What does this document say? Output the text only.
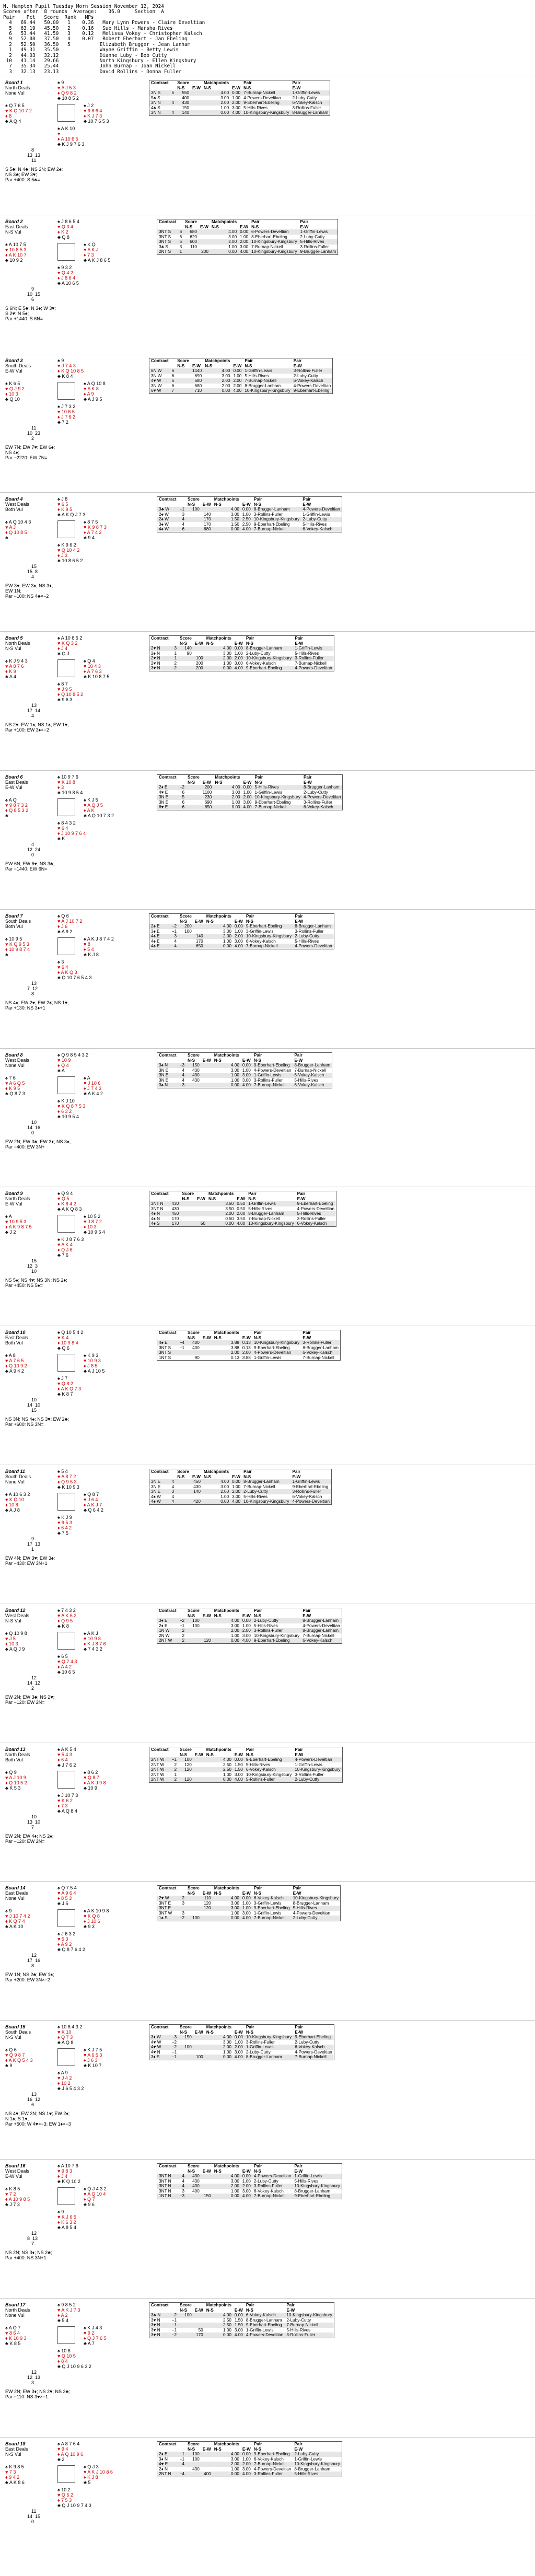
N. Hampton Pupil Tuesday Morn Session November 12, 2024
Scores after  8 rounds  Average:    36.0     Section  A
Pair    Pct   Score  Rank   MPs
4   69.44   50.00   1    0.36   Mary Lynn Powers - Claire Develtian
5   63.19   45.50   2    0.16   Sue Hills - Marsha Rives
6   53.44   41.50   3    0.12   Melissa Vokey - Christopher Kalsch
9   52.08   37.50   4    0.07   Robert Eberhart - Jan Ebeling
2   52.50   36.50   5          Elizabeth Brugger - Jean Lanham
1   49.31   35.50              Wayne Griffin - Betty Lewis
2   44.03   32.12              Dianne Luby - Bob Cutty
10   41.14   29.66              North Kingsbury - Ellen Kingsbury
7   35.34   25.44              John Burnap - Joan Nickell
3   32.13   23.13              David Rollins - Donna Fuller
Board 1
North Deals
None Vul
♠ 9
♥ A J 5 3
♦ Q 9 8 2
♣ 10 8 5 2
♠ Q 7 6 5
♥ K Q 10 7 2
♦ 8
♣ A Q 4
♠ J 2
♥ 9 8 6 4
♦ K J 7 3
♣ 10 7 6 5 3
♠ A K 10
♥
♦ A 10 6 5
♣ K J 9 7 6 3
8
13  13
11
S 5♣; N 4♣; NS 2N; EW 2♠;
NS 3♣; EW 3♥;
Par +400: S 5♣=
Contract		Score		Matchpoints		Pair	Pair
		N-S	E-W	N-S	E-W	N-S	E-W
3N S	5	550		4.00	0.00	7-Burnap-Nickell	1-Griffin-Lewis
5♣ S		400		3.00	1.00	4-Powers-Develtian	2-Luby-Cutty
3N N	4	430		2.00	2.00	9-Eberhart-Ebeling	6-Vokey-Kalsch
4♣ S		150		1.00	3.00	5-Hills-Rives	3-Rollins-Fuller
3N N	4	140		0.00	4.00	10-Kingsbury-Kingsbury	8-Brugger-Lanham
Board 2
East Deals
N-S Vul
♠ J 8 6 5 4
♥ Q 3 4
♦ K 2
♣ Q 8
♠ A 10 7 5
♥ 10 8 5 3
♦ A K 10 7
♣ 10 9 2
♠ K Q
♥ A K J
♦ 7 3
♣ A K J 8 6 5
♠ 9 3 2
♥ Q 4 2
♦ J 8 6 4
♣ A 10 6 5
9
10  15
6
S 6N; E 5♣; N 3♠; W 3♥;
S 2♥; N 5♠;
Par +1440: S 6N=
Contract		Score		Matchpoints		Pair	Pair
		N-S	E-W	N-S	E-W	N-S	E-W
3NT S	6	680		4.00	0.00	6-Powers-Develtian	1-Griffin-Lewis
3NT S	6	620		3.00	1.00	8-Eberhart-Ebeling	2-Luby-Cutty
3NT S	5	600		2.00	2.00	10-Kingsbury-Kingsbury	5-Hills-Rives
3♣ S	3	110		1.00	3.00	7-Burnap-Nickell	3-Rollins-Fuller
2NT S	1		200	0.00	4.00	10-Kingsbury-Kingsbury	9-Brugger-Lanham
Board 3
South Deals
E-W Vul
♠ 9
♥ J 7 4 3
♦ K Q 10 8 5
♣ K 8 4
♠ K 6 5
♥ Q J 9 2
♦ 10 3
♣ Q 10
♠ A Q 10 8
♥ A K 8
♦ A 9
♣ A J 9 5
♠ J 7 3 2
♥ 10 6 5
♦ J 7 6 2
♣ 7 2
11
10  23
2
EW 7N; EW 7♥; EW 6♠;
NS 4♦;
Par −2220: EW 7N=
Contract		Score		Matchpoints		Pair	Pair
		N-S	E-W	N-S	E-W	N-S	E-W
6N W	6		1440	4.00	0.00	1-Griffin-Lewis	3-Rollins-Fuller
3N W	6		690	3.00	1.00	5-Hills-Rives	2-Luby-Cutty
4♥ W	6		680	2.00	2.00	7-Burnap-Nickell	6-Vokey-Kalsch
3N W	6		680	2.00	2.00	8-Brugger-Lanham	4-Powers-Develtian
6♥ W	7		710	0.00	4.00	10-Kingsbury-Kingsbury	9-Eberhart-Ebeling
Board 4
West Deals
Both Vul
♠ J 8
♥ 6 5
♦ K 9 5
♣ A K Q J 7 3
♠ A Q 10 4 3
♥ A J
♦ Q 10 8 5
♣
♠ 8 7 5
♥ K 9 8 7 3
♦ A 7 4 2
♣ 9 4
♠ K 9 6 2
♥ Q 10 4 2
♦ J 3
♣ 10 8 6 5 2
15
15  8
4
EW 3♥; EW 3♠; NS 3♦;
EW 1N;
Par −100: NS 4♣×−2
Contract		Score		Matchpoints		Pair	Pair
		N-S	E-W	N-S	E-W	N-S	E-W
3♣ W	−1	100		4.00	0.00	8-Brugger-Lanham	4-Powers-Develtian
2♠ W	3		140	3.00	1.00	3-Rollins-Fuller	1-Griffin-Lewis
2♠ W	4		170	1.50	2.50	10-Kingsbury-Kingsbury	2-Luby-Cutty
3♠ W	4		170	1.50	2.50	9-Eberhart-Ebeling	5-Hills-Rives
4♠ W	6		680	0.00	4.00	7-Burnap-Nickell	6-Vokey-Kalsch
Board 5
North Deals
N-S Vul
♠ A 10 6 5 2
♥ K Q 3 2
♦ J 4
♣ Q J
♠ K J 9 4 3
♥ A 8 7 6
♦ K 9
♣ A 4
♠ Q 4
♥ 10 4 3
♦ A 7 6 3
♣ K 10 8 7 5
♠ 8 7
♥ J 9 5
♦ Q 10 8 5 2
♣ 9 6 3
13
17  14
4
NS 2♥; EW 1♠; NS 1♠; EW 1♥;
Par +100: EW 3♦×−2
Contract		Score		Matchpoints		Pair	Pair
		N-S	E-W	N-S	E-W	N-S	E-W
2♥ N	3	140		4.00	0.00	8-Brugger-Lanham	1-Griffin-Lewis
2♠ N	1	90		3.00	1.00	2-Luby-Cutty	5-Hills-Rives
2♥ N	1		100	2.00	2.00	10-Kingsbury-Kingsbury	3-Rollins-Fuller
2♥ N	2		200	1.00	3.00	6-Vokey-Kalsch	7-Burnap-Nickell
3♥ N	−2		200	0.00	4.00	9-Eberhart-Ebeling	4-Powers-Develtian
Board 6
East Deals
E-W Vul
♠ 10 9 7 6
♥ K 10 8
♦ 3
♣ 10 9 8 5 4
♠ A Q
♥ 9 8 7 3 2
♦ Q 8 5 3 2
♣
♠ K J 5
♥ A Q J 5
♦ A K
♣ A Q 10 7 3 2
♠ 8 4 3 2
♥ 6 4
♦ J 10 9 7 6 4
♣ K
4
12  24
0
EW 6N; EW 6♥; NS 3♣;
Par −1440: EW 6N=
Contract		Score		Matchpoints		Pair	Pair
		N-S	E-W	N-S	E-W	N-S	E-W
2♦ E	−2		200	4.00	0.00	5-Hills-Rives	8-Brugger-Lanham
4♥ E	6		1100	3.00	1.00	1-Griffin-Lewis	2-Luby-Cutty
3N E	5		230	2.00	2.00	10-Kingsbury-Kingsbury	4-Powers-Develtian
3N E	6		690	1.00	3.00	9-Eberhart-Ebeling	3-Rollins-Fuller
6♥ E	6		650	0.00	4.00	7-Burnap-Nickell	6-Vokey-Kalsch
Board 7
South Deals
Both Vul
♠ Q 6
♥ A J 10 7 2
♦ J 6
♣ A 9 2
♠ 10 9 5
♥ K Q 9 5 3
♦ 10 9 8 7 4
♣
♠ A K J 8 7 4 2
♥ 8
♦ 5 4
♣ K J 8
♠ 3
♥ 6 4
♦ A K Q 3
♣ Q 10 7 6 5 4 3
13
7  12
8
NS 4♠; EW 2♥; EW 2♠; NS 1♥;
Par +130: NS 3♦+1
Contract		Score		Matchpoints		Pair	Pair
		N-S	E-W	N-S	E-W	N-S	E-W
2♠ E	−2	200		4.00	0.00	9-Eberhart-Ebeling	8-Brugger-Lanham
3♠ E	−1	100		3.00	1.00	3-Griffin-Lewis	3-Rollins-Fuller
4♠ E	3		140	2.00	2.00	10-Kingsbury-Kingsbury	2-Luby-Cutty
4♠ E	4		170	1.00	3.00	6-Vokey-Kalsch	5-Hills-Rives
4♠ E	4		650	0.00	4.00	7-Burnap-Nickell	4-Powers-Develtian
Board 8
West Deals
None Vul
♠ Q 9 8 5 4 3 2
♥ 10 9
♦ Q 4
♣ A
♠ 7 6
♥ A 6 Q 5
♦ K 9 5
♣ Q 8 7 3
♠ A
♥ J 10 6
♦ J 7 4 3
♣ A K 4 2
♠ K J 10
♥ K Q 8 7 5 3
♦ 6 3 2
♣ 10 9 5 4
10
14  16
0
EW 2N; EW 3♣; EW 3♦; NS 3♠;
Par −400: EW 3N+
Contract		Score		Matchpoints		Pair	Pair
		N-S	E-W	N-S	E-W	N-S	E-W
3♠ N	−3	150		4.00	0.00	9-Eberhart-Ebeling	8-Brugger-Lanham
3N E	4	430		3.00	1.00	4-Powers-Develtian	7-Burnap-Nickell
3N E	4	430		1.00	3.00	1-Griffin-Lewis	6-Vokey-Kalsch
3N E	4	430		1.00	3.00	3-Rollins-Fuller	5-Hills-Rives
3♠ N	−3			0.00	4.00	7-Burnap-Nickell	6-Vokey-Kalsch
Board 9
North Deals
E-W Vul
♠ Q 9 4
♥ Q 5
♦ K 8 4 2
♣ A K Q 8 3
♠ A
♥ 10 9 5 3
♦ A K 9 8 7 5
♣ J 2
♠ 10 5 2
♥ J 8 7 2
♦ 10 3
♣ 10 9 5 4
♠ K J 8 7 6 3
♥ A K 4
♦ Q J 6
♣ 7 6
15
12  3
10
NS 5♠; NS 4♥; NS 3N; NS 2♦;
Par +450: NS 5♠=
Contract		Score		Matchpoints		Pair	Pair
		N-S	E-W	N-S	E-W	N-S	E-W
3NT N	430			3.50	0.50	1-Griffin-Lewis	9-Eberhart-Ebeling
3NT N	430			3.50	0.50	5-Hills-Rives	4-Powers-Develtian
4♠ N	450			2.00	2.00	8-Brugger-Lanham	5-Hills-Rives
4♠ N	170			0.50	3.50	7-Burnap-Nickell	3-Rollins-Fuller
4♠ S	170		50	0.00	4.00	10-Kingsbury-Kingsbury	6-Vokey-Kalsch
Board 10
East Deals
Both Vul
♠ Q 10 5 4 2
♥ K 4
♦ 10 9 8 4
♣ Q 6
♠ A 8
♥ A 7 6 5
♦ Q 10 9 2
♣ A 9 4 2
♠ K 9 3
♥ 10 9 3
♦ J 8 5
♣ A J 10 5
♠ J 7
♥ Q 8 2
♦ A K Q 7 3
♣ K 8 7
10
14  10
15
NS 3N; NS 4♠; NS 3♥; EW 2♣;
Par +600: NS 3N=
Contract		Score		Matchpoints		Pair	Pair
		N-S	E-W	N-S	E-W	N-S	E-W
4♠ E	−4	400		3.88	0.13	10-Kingsbury-Kingsbury	3-Rollins-Fuller
3NT S	−1	400		3.88	0.13	9-Eberhart-Ebeling	8-Brugger-Lanham
3NT S				2.00	2.00	4-Powers-Develtian	6-Vokey-Kalsch
1NT S		90		0.13	3.88	1-Griffin-Lewis	7-Burnap-Nickell
Board 11
South Deals
None Vul
♠ 5 4
♥ A 8 7 2
♦ Q 9 5 3
♣ K 10 9 3
♠ A 10 6 3 2
♥ K Q 10
♦ 10 8
♣ A J 8
♠ Q 8 7
♥ J 6 4
♦ A K J 7
♣ Q 6 4 2
♠ K J 9
♥ 9 5 3
♦ 6 4 2
♣ 7 5
9
17  13
1
EW 4N; EW 3♥; EW 3♠;
Par −430: EW 3N+1
Contract		Score		Matchpoints		Pair	Pair
		N-S	E-W	N-S	E-W	N-S	E-W
3N E	4		450	4.00	0.00	8-Brugger-Lanham	1-Griffin-Lewis
3N E	4		430	3.00	1.00	7-Burnap-Nickell	9-Eberhart-Ebeling
3N E	3		140	2.00	2.00	2-Luby-Cutty	3-Rollins-Fuller
4♠ W	4			1.00	3.00	5-Hills-Rives	6-Vokey-Kalsch
4♠ W	4		420	0.00	4.00	10-Kingsbury-Kingsbury	4-Powers-Develtian
Board 12
West Deals
N-S Vul
♠ 7 4 3 2
♥ A K 6 2
♦ Q 9 5
♣ K 8
♠ Q 10 9 8
♥ J 5
♦ 10 3
♣ A Q J 9
♠ A K J
♥ 10 9 8
♦ K J 8 7 6
♣ 7 4 3 2
♠ 6 5
♥ Q 7 4 3
♦ A 4 2
♣ 10 6 5
12
14  12
2
EW 2N; EW 3♣; NS 2♥;
Par −120: EW 2N=
Contract		Score		Matchpoints		Pair	Pair
		N-S	E-W	N-S	E-W	N-S	E-W
3♦ E	−2	100		4.00	0.00	2-Luby-Cutty	8-Brugger-Lanham
2♦ E	−1	100		3.00	1.00	5-Hills-Rives	4-Powers-Develtian
1N W	2			2.00	2.00	3-Rollins-Fuller	8-Brugger-Lanham
2N W	2			1.00	3.00	10-Kingsbury-Kingsbury	7-Burnap-Nickell
2NT W	2		120	0.00	4.00	9-Eberhart-Ebeling	6-Vokey-Kalsch
Board 13
North Deals
Both Vul
♠ A K 5 4
♥ 5 4 3
♦ 6 4
♣ J 7 6 2
♠ Q 9
♥ A J 10 9
♦ Q 10 5 2
♣ K 5 3
♠ 8 6 2
♥ Q 8 7
♦ A K J 9 8
♣ 10 9
♠ J 10 7 3
♥ K 6 2
♦ 7 3
♣ A Q 8 4
10
13  10
7
EW 2N; EW 4♦; NS 2♠;
Par −120: EW 2N=
Contract		Score		Matchpoints		Pair	Pair
		N-S	E-W	N-S	E-W	N-S	E-W
2NT W	−1	100		4.00	0.00	9-Eberhart-Ebeling	4-Powers-Develtian
2NT W	2	120		2.50	1.50	5-Hills-Rives	1-Griffin-Lewis
2NT W	2	120		2.50	1.50	6-Vokey-Kalsch	10-Kingsbury-Kingsbury
2NT W	1			1.00	3.00	10-Kingsbury-Kingsbury	3-Rollins-Fuller
2NT W	2	120		0.00	4.00	5-Rollins-Fuller	2-Luby-Cutty
Board 14
East Deals
None Vul
♠ Q 7 5 4
♥ A 9 6 4
♦ 8 5 3
♣ J 5
♠ 9
♥ J 10 7 4 2
♦ K Q 7 4
♣ A K 10
♠ A K 10 9 8
♥ K Q 8
♦ J 10 6
♣ 9 3
♠ J 6 3 2
♥ 5 3
♦ A 9 2
♣ Q 8 7 6 4 2
12
17  16
8
EW 1N; NS 2♣; EW 1♠;
Par +200: EW 3N×−2
Contract		Score		Matchpoints		Pair	Pair
		N-S	E-W	N-S	E-W	N-S	E-W
2♥ W	2		110	4.00	0.00	6-Vokey-Kalsch	10-Kingsbury-Kingsbury
3NT E	3		120	3.00	1.00	3-Griffin-Lewis	8-Brugger-Lanham
3NT E			120	3.00	1.00	9-Eberhart-Ebeling	5-Hills-Rives
3NT W	3			1.00	3.00	1-Griffin-Lewis	4-Powers-Develtian
1♠ S	−2	100		0.00	4.00	7-Burnap-Nickell	2-Luby-Cutty
Board 15
South Deals
N-S Vul
♠ 10 8 4 3 2
♥ K 10
♦ Q 7 3
♣ A Q 8
♠ Q 6
♥ Q 9 8 7
♦ A K Q 5 4 3
♣ 9
♠ K J 7 5
♥ A 6 5 3
♦ J 6 3
♣ K 10 7
♠ A 9
♥ J 4 2
♦ 10 2
♣ J 6 5 4 3 2
13
16  12
6
NS 4♥; EW 3N; NS 1♥; EW 2♦;
N 1♠; S 1♥;
Par +500: W 4♥×−3; EW 1♦×−3
Contract		Score		Matchpoints		Pair	Pair
		N-S	E-W	N-S	E-W	N-S	E-W
3♦ W	−3	150		4.00	0.00	10-Kingsbury-Kingsbury	9-Eberhart-Ebeling
4♥ W	−2			3.00	1.00	3-Rollins-Fuller	2-Luby-Cutty
4♥ W	−2	100		2.00	2.00	1-Griffin-Lewis	6-Vokey-Kalsch
4♥ N	−1			1.00	3.00	2-Luby-Cutty	4-Powers-Develtian
3♦ S	−1		100	0.00	4.00	8-Brugger-Lanham	7-Burnap-Nickell
Board 16
West Deals
E-W Vul
♠ A 10 7 6
♥ 9 8 3
♦ J 4
♣ K Q 10 2
♠ K 8 5
♥ 7 2
♦ A 10 9 8 5
♣ J 7 3
♠ Q J 4 3 2
♥ A Q 10 4
♦ Q 7
♣ 9 6
♠ 9
♥ K J 6 5
♦ K 6 3 2
♣ A 8 5 4
12
8  13
7
NS 2N; NS 3♦; NS 2♣;
Par +400: NS 3N+1
Contract		Score		Matchpoints		Pair	Pair
		N-S	E-W	N-S	E-W	N-S	E-W
3NT N	4	430		4.00	0.00	4-Powers-Develtian	1-Griffin-Lewis
3NT N	4	430		3.00	1.00	2-Luby-Cutty	5-Hills-Rives
3NT N	4	430		2.00	2.00	3-Rollins-Fuller	10-Kingsbury-Kingsbury
3NT N	3	400		1.00	3.00	6-Vokey-Kalsch	8-Brugger-Lanham
1NT N	−3		150	0.00	4.00	7-Burnap-Nickell	9-Eberhart-Ebeling
Board 17
North Deals
None Vul
♠ 9 8 5 2
♥ A K J 7 3
♦ A 2
♣ 5 4
♠ A Q 7
♥ 8 6 4
♦ K 10 9 3
♣ K 8 5
♠ K J 4 3
♥ 9 2
♦ Q J 7 6 5
♣ A 7
♠ 10 6
♥ Q 10 5
♦ 8 4
♣ Q J 10 9 6 3 2
12
12  13
3
EW 2N; EW 3♦; NS 2♥; NS 2♣;
Par −110: NS 3♥×−1
Contract		Score		Matchpoints		Pair	Pair
		N-S	E-W	N-S	E-W	N-S	E-W
3♣ N	−2	100		4.00	0.00	6-Vokey-Kalsch	10-Kingsbury-Kingsbury
3♥ N	−1			2.50	1.50	8-Brugger-Lanham	2-Luby-Cutty
3♥ N	−1			2.50	1.50	9-Eberhart-Ebeling	7-Burnap-Nickell
3♥ N	−1		50	1.00	3.00	1-Griffin-Lewis	5-Hills-Rives
3♥ N	−2		170	0.00	4.00	4-Powers-Develtian	3-Rollins-Fuller
Board 18
East Deals
N-S Vul
♠ A 8 7 6 4
♥ 9 4
♦ A Q 10 9 6
♣ 2
♠ K 9 8 5
♥ 7 3
♦ 9 4 2
♣ A K 8 6
♠ Q J 3
♥ A K J 10 8 6
♦ K J 8
♣ 5
♠ 10 2
♥ Q 5 2
♦ 7 5 3
♣ Q J 10 9 7 4 3
11
14  15
0
Contract		Score		Matchpoints		Pair	Pair
		N-S	E-W	N-S	E-W	N-S	E-W
2♦ E	−1	100		4.00	0.00	9-Eberhart-Ebeling	2-Luby-Cutty
3♦ N	−1	100		3.00	1.00	6-Vokey-Kalsch	1-Griffin-Lewis
4♥ E	4			2.00	2.00	7-Burnap-Nickell	10-Kingsbury-Kingsbury
2♦ N		430		1.00	3.00	4-Powers-Develtian	8-Brugger-Lanham
2NT N	−4		400	0.00	4.00	3-Rollins-Fuller	5-Hills-Rives
